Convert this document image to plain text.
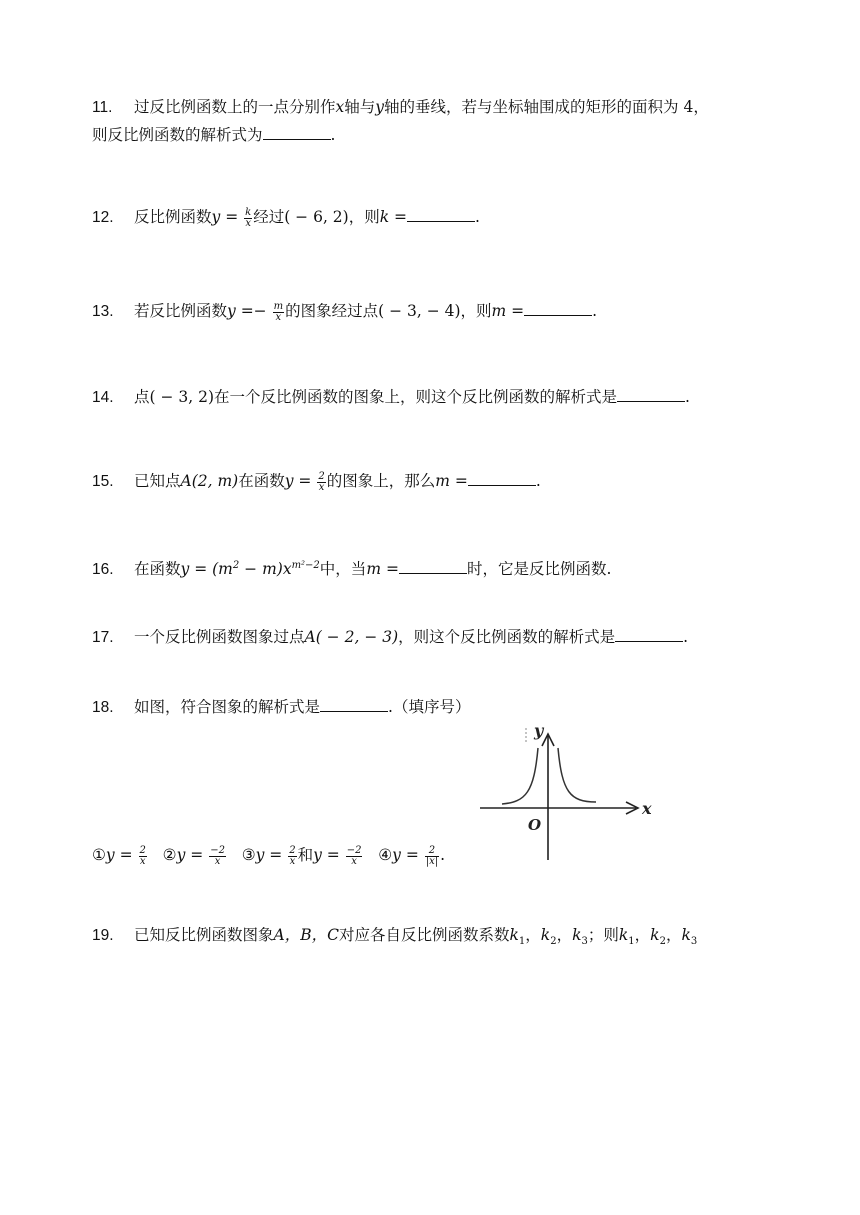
11. 过反比例函数上的一点分别作x轴与y轴的垂线，若与坐标轴围成的矩形的面积为 4，
则反比例函数的解析式为	.
12. 反比例函数$y = \frac{k}{x}$ 经过( − 6, 2)，则k =	.
13. 若反比例函数$y =- \frac{m}{x}$ 的图象经过点( − 3, − 4)，则m =	.
14. 点( − 3, 2)在一个反比例函数的图象上，则这个反比例函数的解析式是	.
15. 已知点A(2, m)在函数$y = \frac{2}{x}$ 的图象上，那么m =	.
16. 在函数$y = (m^2 - m)x^{m^2-2}$中，当m =	时，它是反比例函数.
17. 一个反比例函数图象过点A( − 2, − 3)，则这个反比例函数的解析式是	.
18. 如图，符合图象的解析式是	.（填序号）
y
x
O
①y = $\frac{2}{x}$ ②y = $\frac{-2}{x}$ ③y = $\frac{2}{x}$ 和$y = \frac{-2}{x}$ ④y = $\frac{2}{|x|}$ .
19. 已知反比例函数图象A，B，C对应各自反比例函数系数$k_1$，$k_2$，$k_3$；则$k_1$，$k_2$，$k_3$
